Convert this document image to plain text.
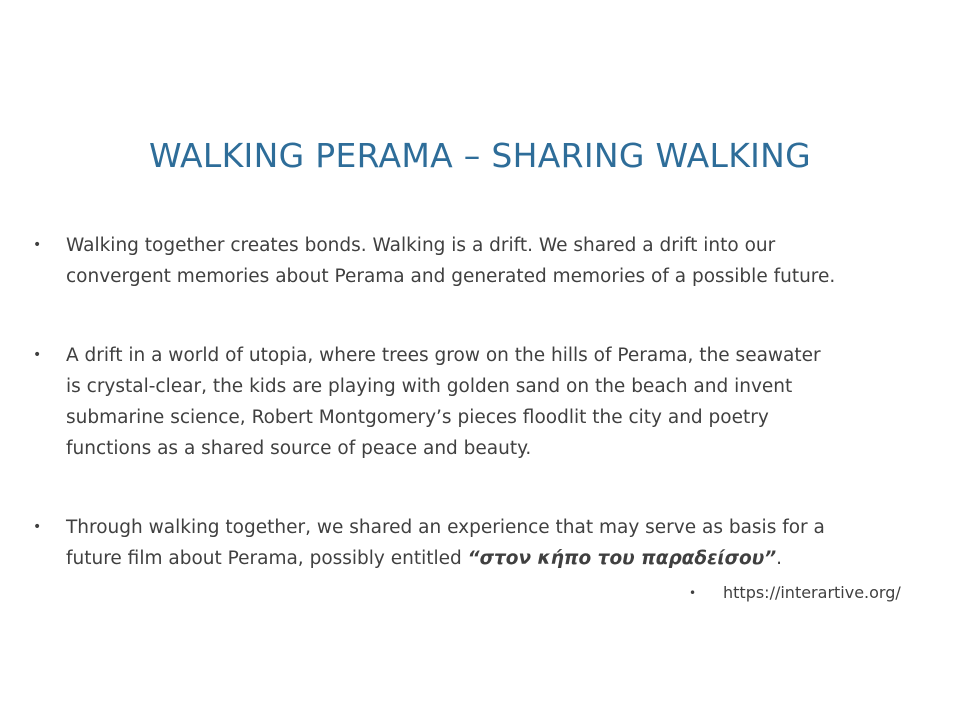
WALKING PERAMA – SHARING WALKING
•	Walking together creates bonds. Walking is a drift. We shared a drift into our
convergent memories about Perama and generated memories of a possible future.
•	A drift in a world of utopia, where trees grow on the hills of Perama, the seawater
is crystal-clear, the kids are playing with golden sand on the beach and invent
submarine science, Robert Montgomery’s pieces floodlit the city and poetry
functions as a shared source of peace and beauty.
•	Through walking together, we shared an experience that may serve as basis for a
future film about Perama, possibly entitled “στον κήπο του παραδείσου”.
• https://interartive.org/
